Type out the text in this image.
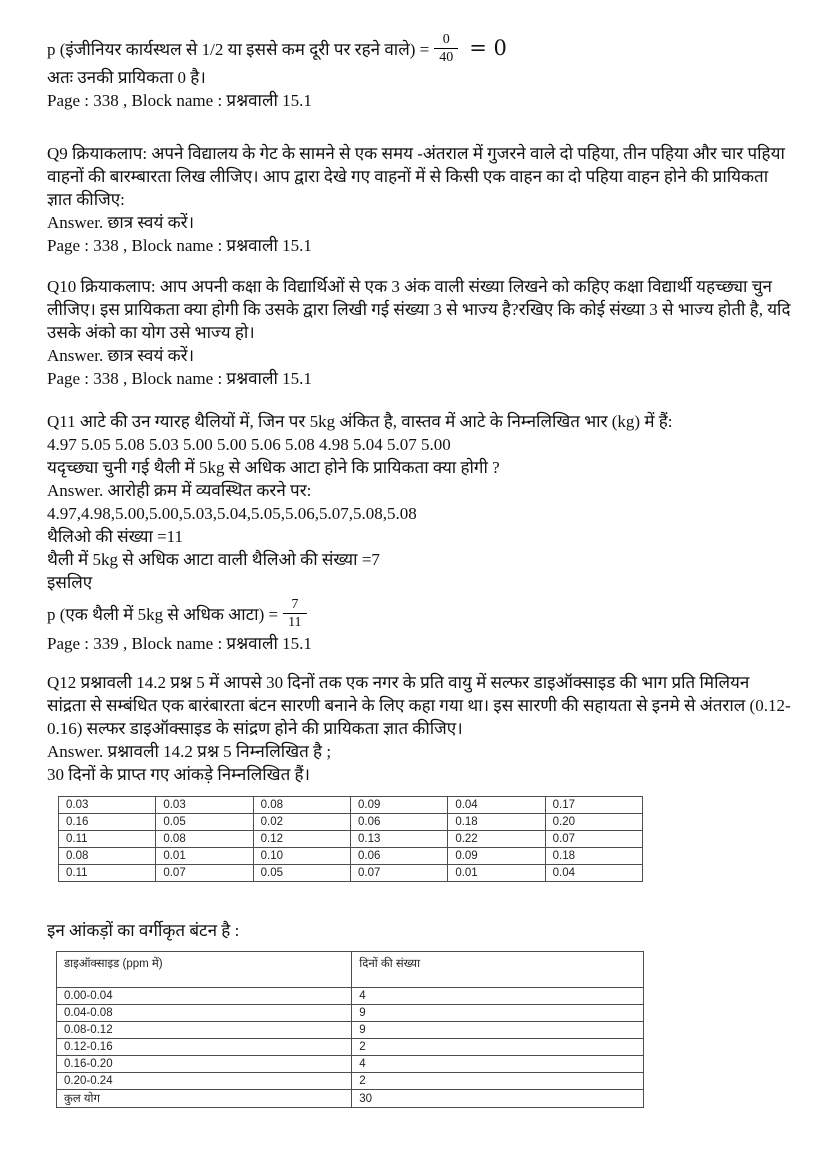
p (इंजीनियर कार्यस्थल से 1/2 या इससे कम दूरी पर रहने वाले) = $\frac{0}{40} = 0$

अतः उनकी प्रायिकता 0 है।

Page : 338 , Block name : प्रश्नवाली 15.1

Q9 क्रियाकलाप: अपने विद्यालय के गेट के सामने से एक समय -अंतराल में गुजरने वाले दो पहिया, तीन पहिया और चार पहिया वाहनों की बारम्बारता लिख लीजिए। आप द्वारा देखे गए वाहनों में से किसी एक वाहन का दो पहिया वाहन होने की प्रायिकता ज्ञात कीजिए:

Answer. छात्र स्वयं करें।

Page : 338 , Block name : प्रश्नवाली 15.1

Q10 क्रियाकलाप: आप अपनी कक्षा के विद्यार्थिओं से एक 3 अंक वाली संख्या लिखने को कहिए कक्षा विद्यार्थी यहच्छ्या चुन लीजिए। इस प्रायिकता क्या होगी कि उसके द्वारा लिखी गई संख्या 3 से भाज्य है?रखिए कि कोई संख्या 3 से भाज्य होती है, यदि उसके अंको का योग उसे भाज्य हो।

Answer. छात्र स्वयं करें।

Page : 338 , Block name : प्रश्नवाली 15.1

Q11 आटे की उन ग्यारह थैलियों में, जिन पर 5kg अंकित है, वास्तव में आटे के निम्नलिखित भार (kg) में हैं:

4.97 5.05 5.08 5.03 5.00 5.00 5.06 5.08 4.98 5.04 5.07 5.00

यदृच्छ्या चुनी गई थैली में 5kg से अधिक आटा होने कि प्रायिकता क्या होगी ?

Answer. आरोही क्रम में व्यवस्थित करने पर:

4.97,4.98,5.00,5.00,5.03,5.04,5.05,5.06,5.07,5.08,5.08

थैलिओ की संख्या =11

थैली में 5kg से अधिक आटा वाली थैलिओ की संख्या =7

इसलिए

p (एक थैली में 5kg से अधिक आटा) = $\frac{7}{11}$

Page : 339 , Block name : प्रश्नवाली 15.1

Q12 प्रश्नावली 14.2 प्रश्न 5 में आपसे 30 दिनों तक एक नगर के प्रति वायु में सल्फर डाइऑक्साइड की भाग प्रति मिलियन सांद्रता से सम्बंधित एक बारंबारता बंटन सारणी बनाने के लिए कहा गया था। इस सारणी की सहायता से इनमे से अंतराल (0.12-0.16) सल्फर डाइऑक्साइड के सांद्रण होने की प्रायिकता ज्ञात कीजिए।

Answer. प्रश्नावली 14.2 प्रश्न 5 निम्नलिखित है ;

30 दिनों के प्राप्त गए आंकड़े निम्नलिखित हैं।

0.03	0.03	0.08	0.09	0.04	0.17
0.16	0.05	0.02	0.06	0.18	0.20
0.11	0.08	0.12	0.13	0.22	0.07
0.08	0.01	0.10	0.06	0.09	0.18
0.11	0.07	0.05	0.07	0.01	0.04

इन आंकड़ों का वर्गीकृत बंटन है :

डाइऑक्साइड (ppm में)	दिनों की संख्या
0.00-0.04	4
0.04-0.08	9
0.08-0.12	9
0.12-0.16	2
0.16-0.20	4
0.20-0.24	2
कुल योग	30
